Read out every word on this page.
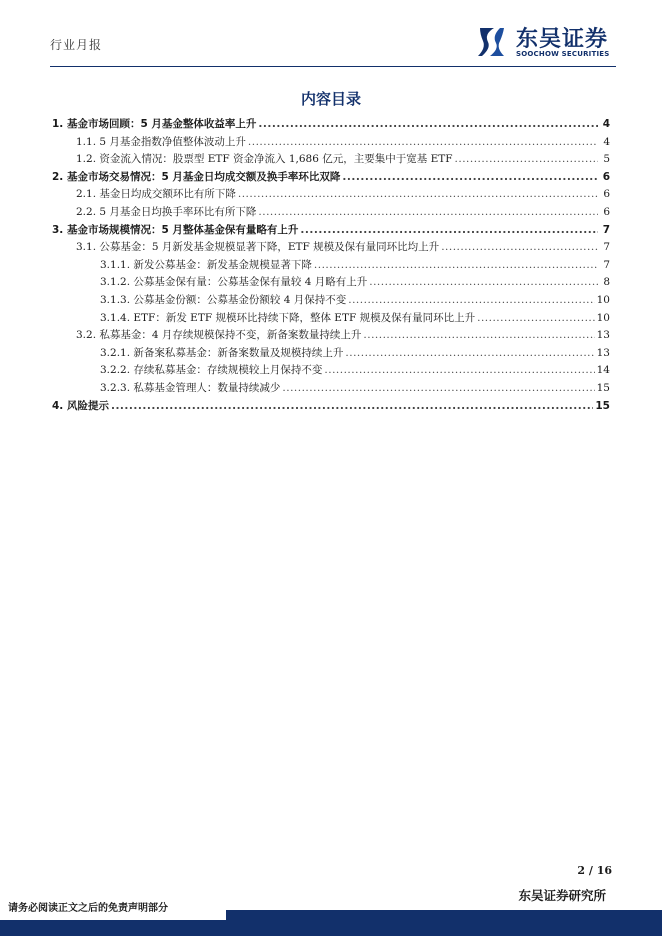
行业月报	东吴证券
SOOCHOW SECURITIES
内容目录
1. 基金市场回顾：5 月基金整体收益率上升 .....	4
1.1. 5 月基金指数净值整体波动上升 .....	4
1.2. 资金流入情况：股票型 ETF 资金净流入 1,686 亿元，主要集中于宽基 ETF .....	5
2. 基金市场交易情况：5 月基金日均成交额及换手率环比双降 .....	6
2.1. 基金日均成交额环比有所下降 .....	6
2.2. 5 月基金日均换手率环比有所下降 .....	6
3. 基金市场规模情况：5 月整体基金保有量略有上升 .....	7
3.1. 公募基金：5 月新发基金规模显著下降，ETF 规模及保有量同环比均上升 .....	7
3.1.1. 新发公募基金：新发基金规模显著下降 .....	7
3.1.2. 公募基金保有量：公募基金保有量较 4 月略有上升 .....	8
3.1.3. 公募基金份额：公募基金份额较 4 月保持不变 .....	10
3.1.4. ETF：新发 ETF 规模环比持续下降，整体 ETF 规模及保有量同环比上升 .....	10
3.2. 私募基金：4 月存续规模保持不变，新备案数量持续上升 .....	13
3.2.1. 新备案私募基金：新备案数量及规模持续上升 .....	13
3.2.2. 存续私募基金：存续规模较上月保持不变 .....	14
3.2.3. 私募基金管理人：数量持续减少 .....	15
4. 风险提示 .....	15
2 / 16
东吴证券研究所
请务必阅读正文之后的免责声明部分
